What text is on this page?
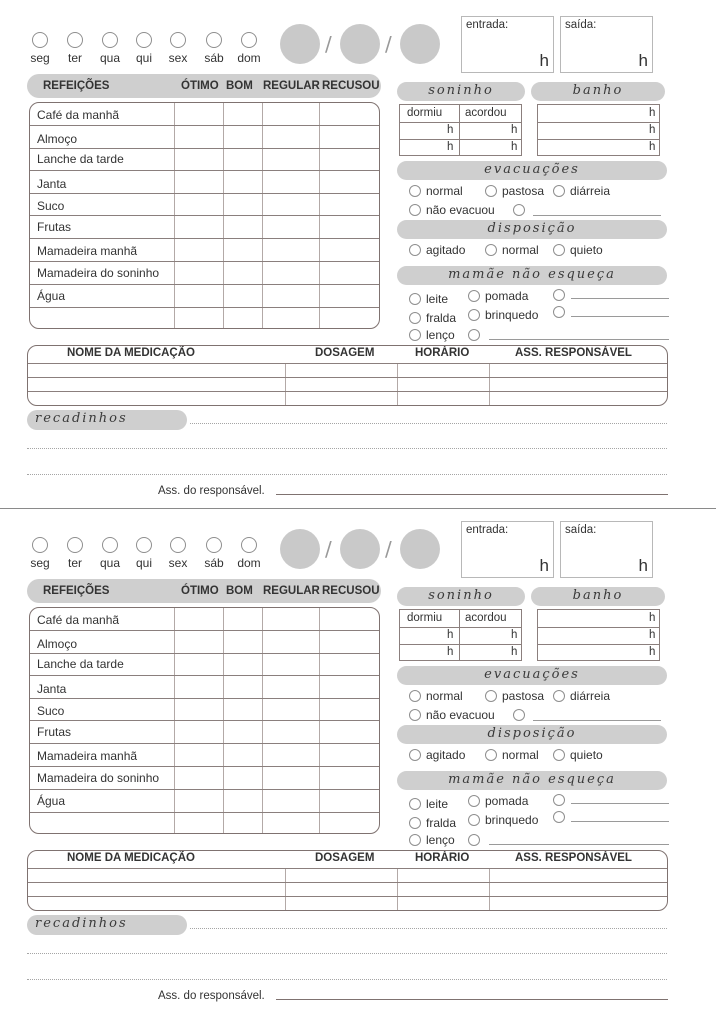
seg	ter	qua	qui	sex	sáb	dom
/	/
entrada:
h
saída:
h
REFEIÇÕES	ÓTIMO BOM REGULAR RECUSOU
Café da manhã
Almoço
Lanche da tarde
Janta
Suco
Frutas
Mamadeira manhã
Mamadeira do soninho
Água
soninho
dormiu acordou
h	h
h	h
banho
h
h
h
evacuações
normal	pastosa	diárreia
não evacuou
disposição
agitado	normal	quieto
mamãe não esqueça
leite	pomada
fralda	brinquedo
lenço
NOME DA MEDICAÇÃO	DOSAGEM	HORÁRIO	ASS. RESPONSÁVEL
recadinhos
Ass. do responsável.
seg	ter	qua	qui	sex	sáb	dom
/	/
entrada:
h
saída:
h
REFEIÇÕES	ÓTIMO BOM REGULAR RECUSOU
Café da manhã
Almoço
Lanche da tarde
Janta
Suco
Frutas
Mamadeira manhã
Mamadeira do soninho
Água
soninho
dormiu acordou
h	h
h	h
banho
h
h
h
evacuações
normal	pastosa	diárreia
não evacuou
disposição
agitado	normal	quieto
mamãe não esqueça
leite	pomada
fralda	brinquedo
lenço
NOME DA MEDICAÇÃO	DOSAGEM	HORÁRIO	ASS. RESPONSÁVEL
recadinhos
Ass. do responsável.
